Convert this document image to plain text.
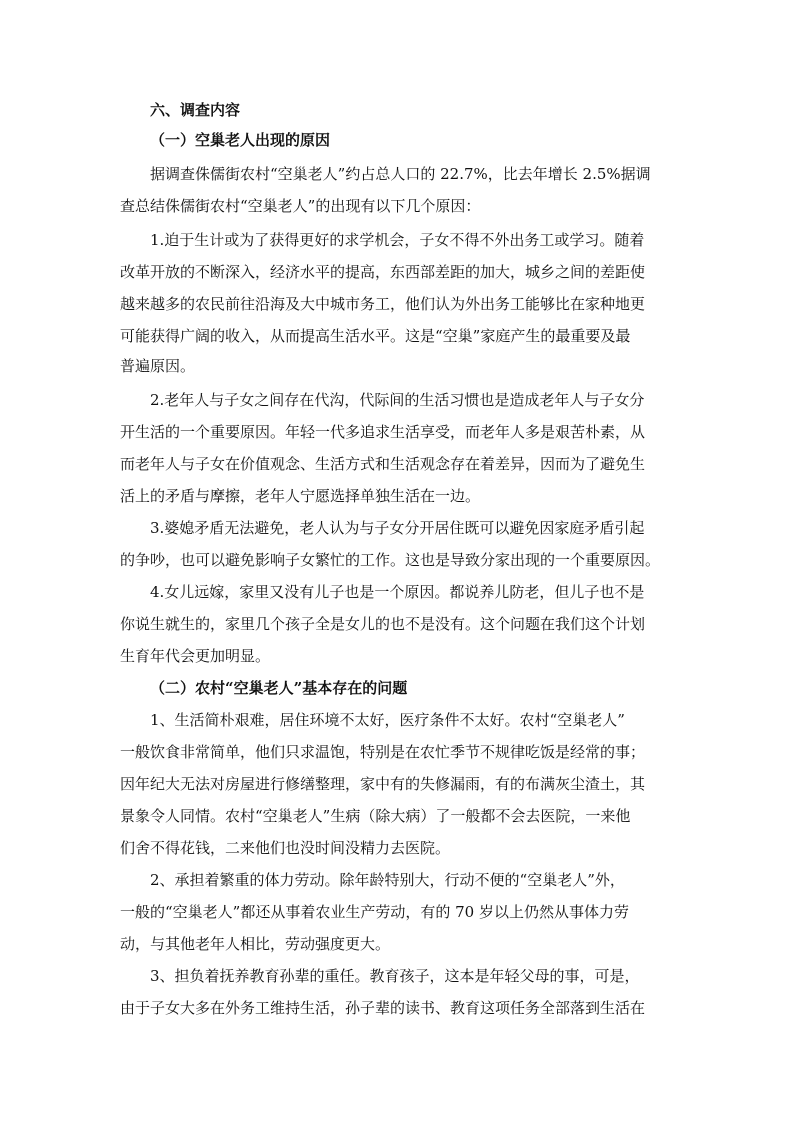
六、调查内容
（一）空巢老人出现的原因
据调查侏儒街农村“空巢老人”约占总人口的 22.7%，比去年增长 2.5%据调
查总结侏儒街农村“空巢老人”的出现有以下几个原因：
1.迫于生计或为了获得更好的求学机会，子女不得不外出务工或学习。随着
改革开放的不断深入，经济水平的提高，东西部差距的加大，城乡之间的差距使
越来越多的农民前往沿海及大中城市务工，他们认为外出务工能够比在家种地更
可能获得广阔的收入，从而提高生活水平。这是“空巢”家庭产生的最重要及最
普遍原因。
2.老年人与子女之间存在代沟，代际间的生活习惯也是造成老年人与子女分
开生活的一个重要原因。年轻一代多追求生活享受，而老年人多是艰苦朴素，从
而老年人与子女在价值观念、生活方式和生活观念存在着差异，因而为了避免生
活上的矛盾与摩擦，老年人宁愿选择单独生活在一边。
3.婆媳矛盾无法避免，老人认为与子女分开居住既可以避免因家庭矛盾引起
的争吵，也可以避免影响子女繁忙的工作。这也是导致分家出现的一个重要原因。
4.女儿远嫁，家里又没有儿子也是一个原因。都说养儿防老，但儿子也不是
你说生就生的，家里几个孩子全是女儿的也不是没有。这个问题在我们这个计划
生育年代会更加明显。
（二）农村“空巢老人”基本存在的问题
1、生活简朴艰难，居住环境不太好，医疗条件不太好。农村“空巢老人”
一般饮食非常简单，他们只求温饱，特别是在农忙季节不规律吃饭是经常的事；
因年纪大无法对房屋进行修缮整理，家中有的失修漏雨，有的布满灰尘渣土，其
景象令人同情。农村“空巢老人”生病（除大病）了一般都不会去医院，一来他
们舍不得花钱，二来他们也没时间没精力去医院。
2、承担着繁重的体力劳动。除年龄特别大，行动不便的“空巢老人”外，
一般的“空巢老人”都还从事着农业生产劳动，有的 70 岁以上仍然从事体力劳
动，与其他老年人相比，劳动强度更大。
3、担负着抚养教育孙辈的重任。教育孩子，这本是年轻父母的事，可是，
由于子女大多在外务工维持生活，孙子辈的读书、教育这项任务全部落到生活在
